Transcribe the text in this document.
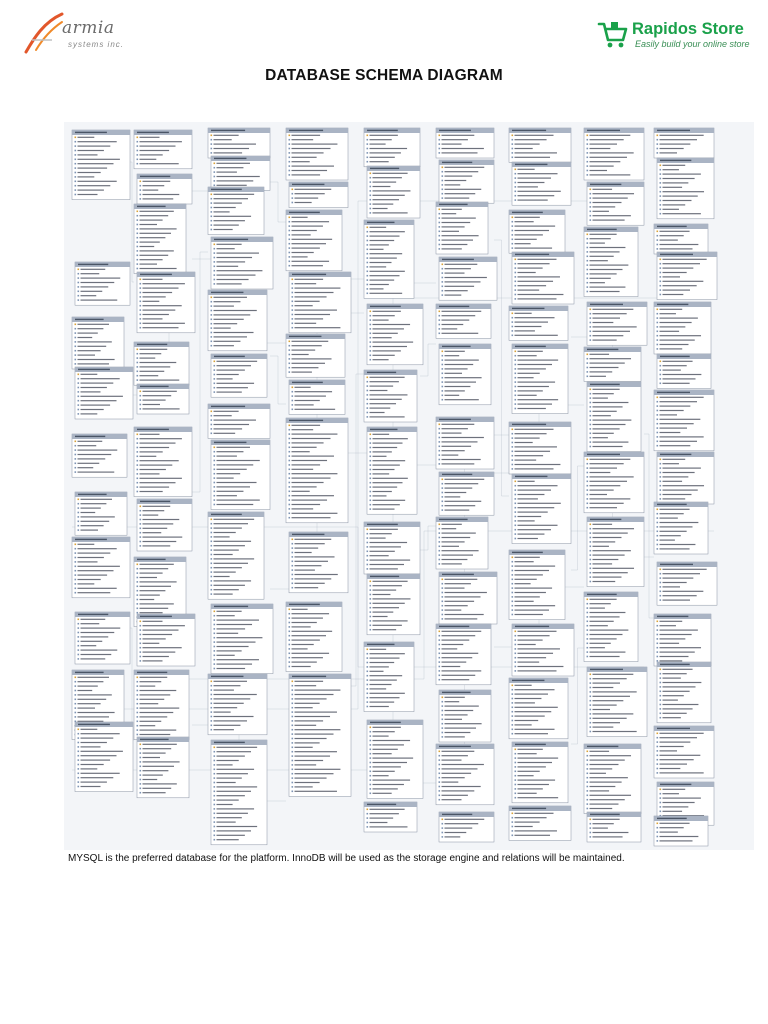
armia
systems inc.
Rapidos Store
Easily build your online store
DATABASE SCHEMA DIAGRAM
MYSQL is the preferred database for the platform. InnoDB will be used as the storage engine and relations will be maintained.
